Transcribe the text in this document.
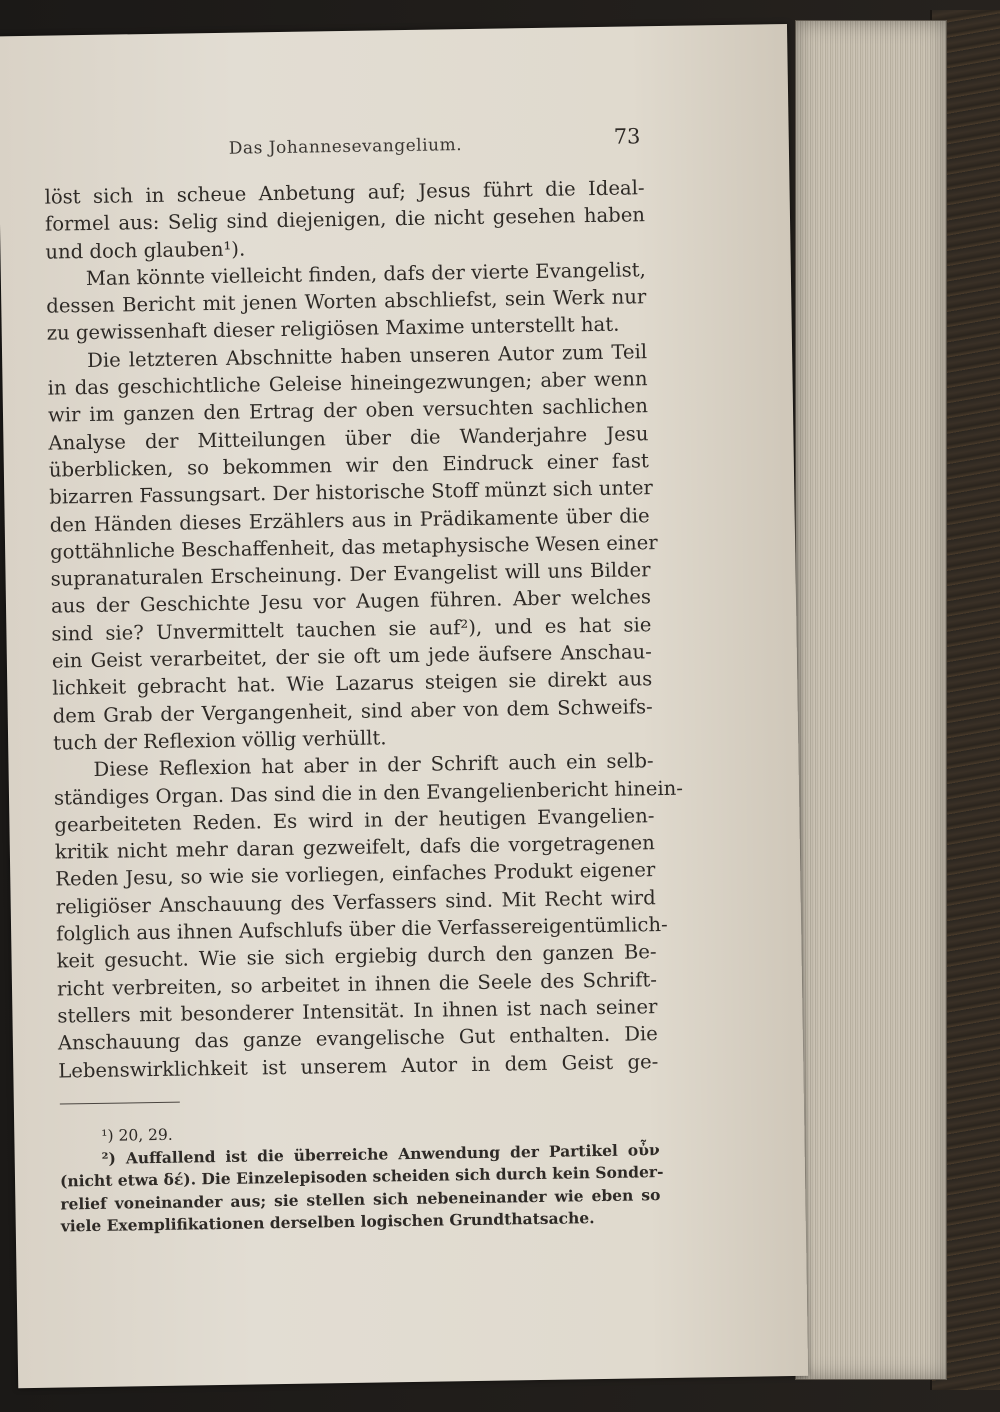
Das Johannesevangelium.	73
löst sich in scheue Anbetung auf; Jesus führt die Ideal-
formel aus: Selig sind diejenigen, die nicht gesehen haben
und doch glauben¹).
Man könnte vielleicht finden, dafs der vierte Evangelist,
dessen Bericht mit jenen Worten abschliefst, sein Werk nur
zu gewissenhaft dieser religiösen Maxime unterstellt hat.
Die letzteren Abschnitte haben unseren Autor zum Teil
in das geschichtliche Geleise hineingezwungen; aber wenn
wir im ganzen den Ertrag der oben versuchten sachlichen
Analyse der Mitteilungen über die Wanderjahre Jesu
überblicken, so bekommen wir den Eindruck einer fast
bizarren Fassungsart. Der historische Stoff münzt sich unter
den Händen dieses Erzählers aus in Prädikamente über die
gottähnliche Beschaffenheit, das metaphysische Wesen einer
supranaturalen Erscheinung. Der Evangelist will uns Bilder
aus der Geschichte Jesu vor Augen führen. Aber welches
sind sie? Unvermittelt tauchen sie auf²), und es hat sie
ein Geist verarbeitet, der sie oft um jede äufsere Anschau-
lichkeit gebracht hat. Wie Lazarus steigen sie direkt aus
dem Grab der Vergangenheit, sind aber von dem Schweifs-
tuch der Reflexion völlig verhüllt.
Diese Reflexion hat aber in der Schrift auch ein selb-
ständiges Organ. Das sind die in den Evangelienbericht hinein-
gearbeiteten Reden. Es wird in der heutigen Evangelien-
kritik nicht mehr daran gezweifelt, dafs die vorgetragenen
Reden Jesu, so wie sie vorliegen, einfaches Produkt eigener
religiöser Anschauung des Verfassers sind. Mit Recht wird
folglich aus ihnen Aufschlufs über die Verfassereigentümlich-
keit gesucht. Wie sie sich ergiebig durch den ganzen Be-
richt verbreiten, so arbeitet in ihnen die Seele des Schrift-
stellers mit besonderer Intensität. In ihnen ist nach seiner
Anschauung das ganze evangelische Gut enthalten. Die
Lebenswirklichkeit ist unserem Autor in dem Geist ge-
¹) 20, 29.
²) Auffallend ist die überreiche Anwendung der Partikel οὖν
(nicht etwa δέ). Die Einzelepisoden scheiden sich durch kein Sonder-
relief voneinander aus; sie stellen sich nebeneinander wie eben so
viele Exemplifikationen derselben logischen Grundthatsache.
